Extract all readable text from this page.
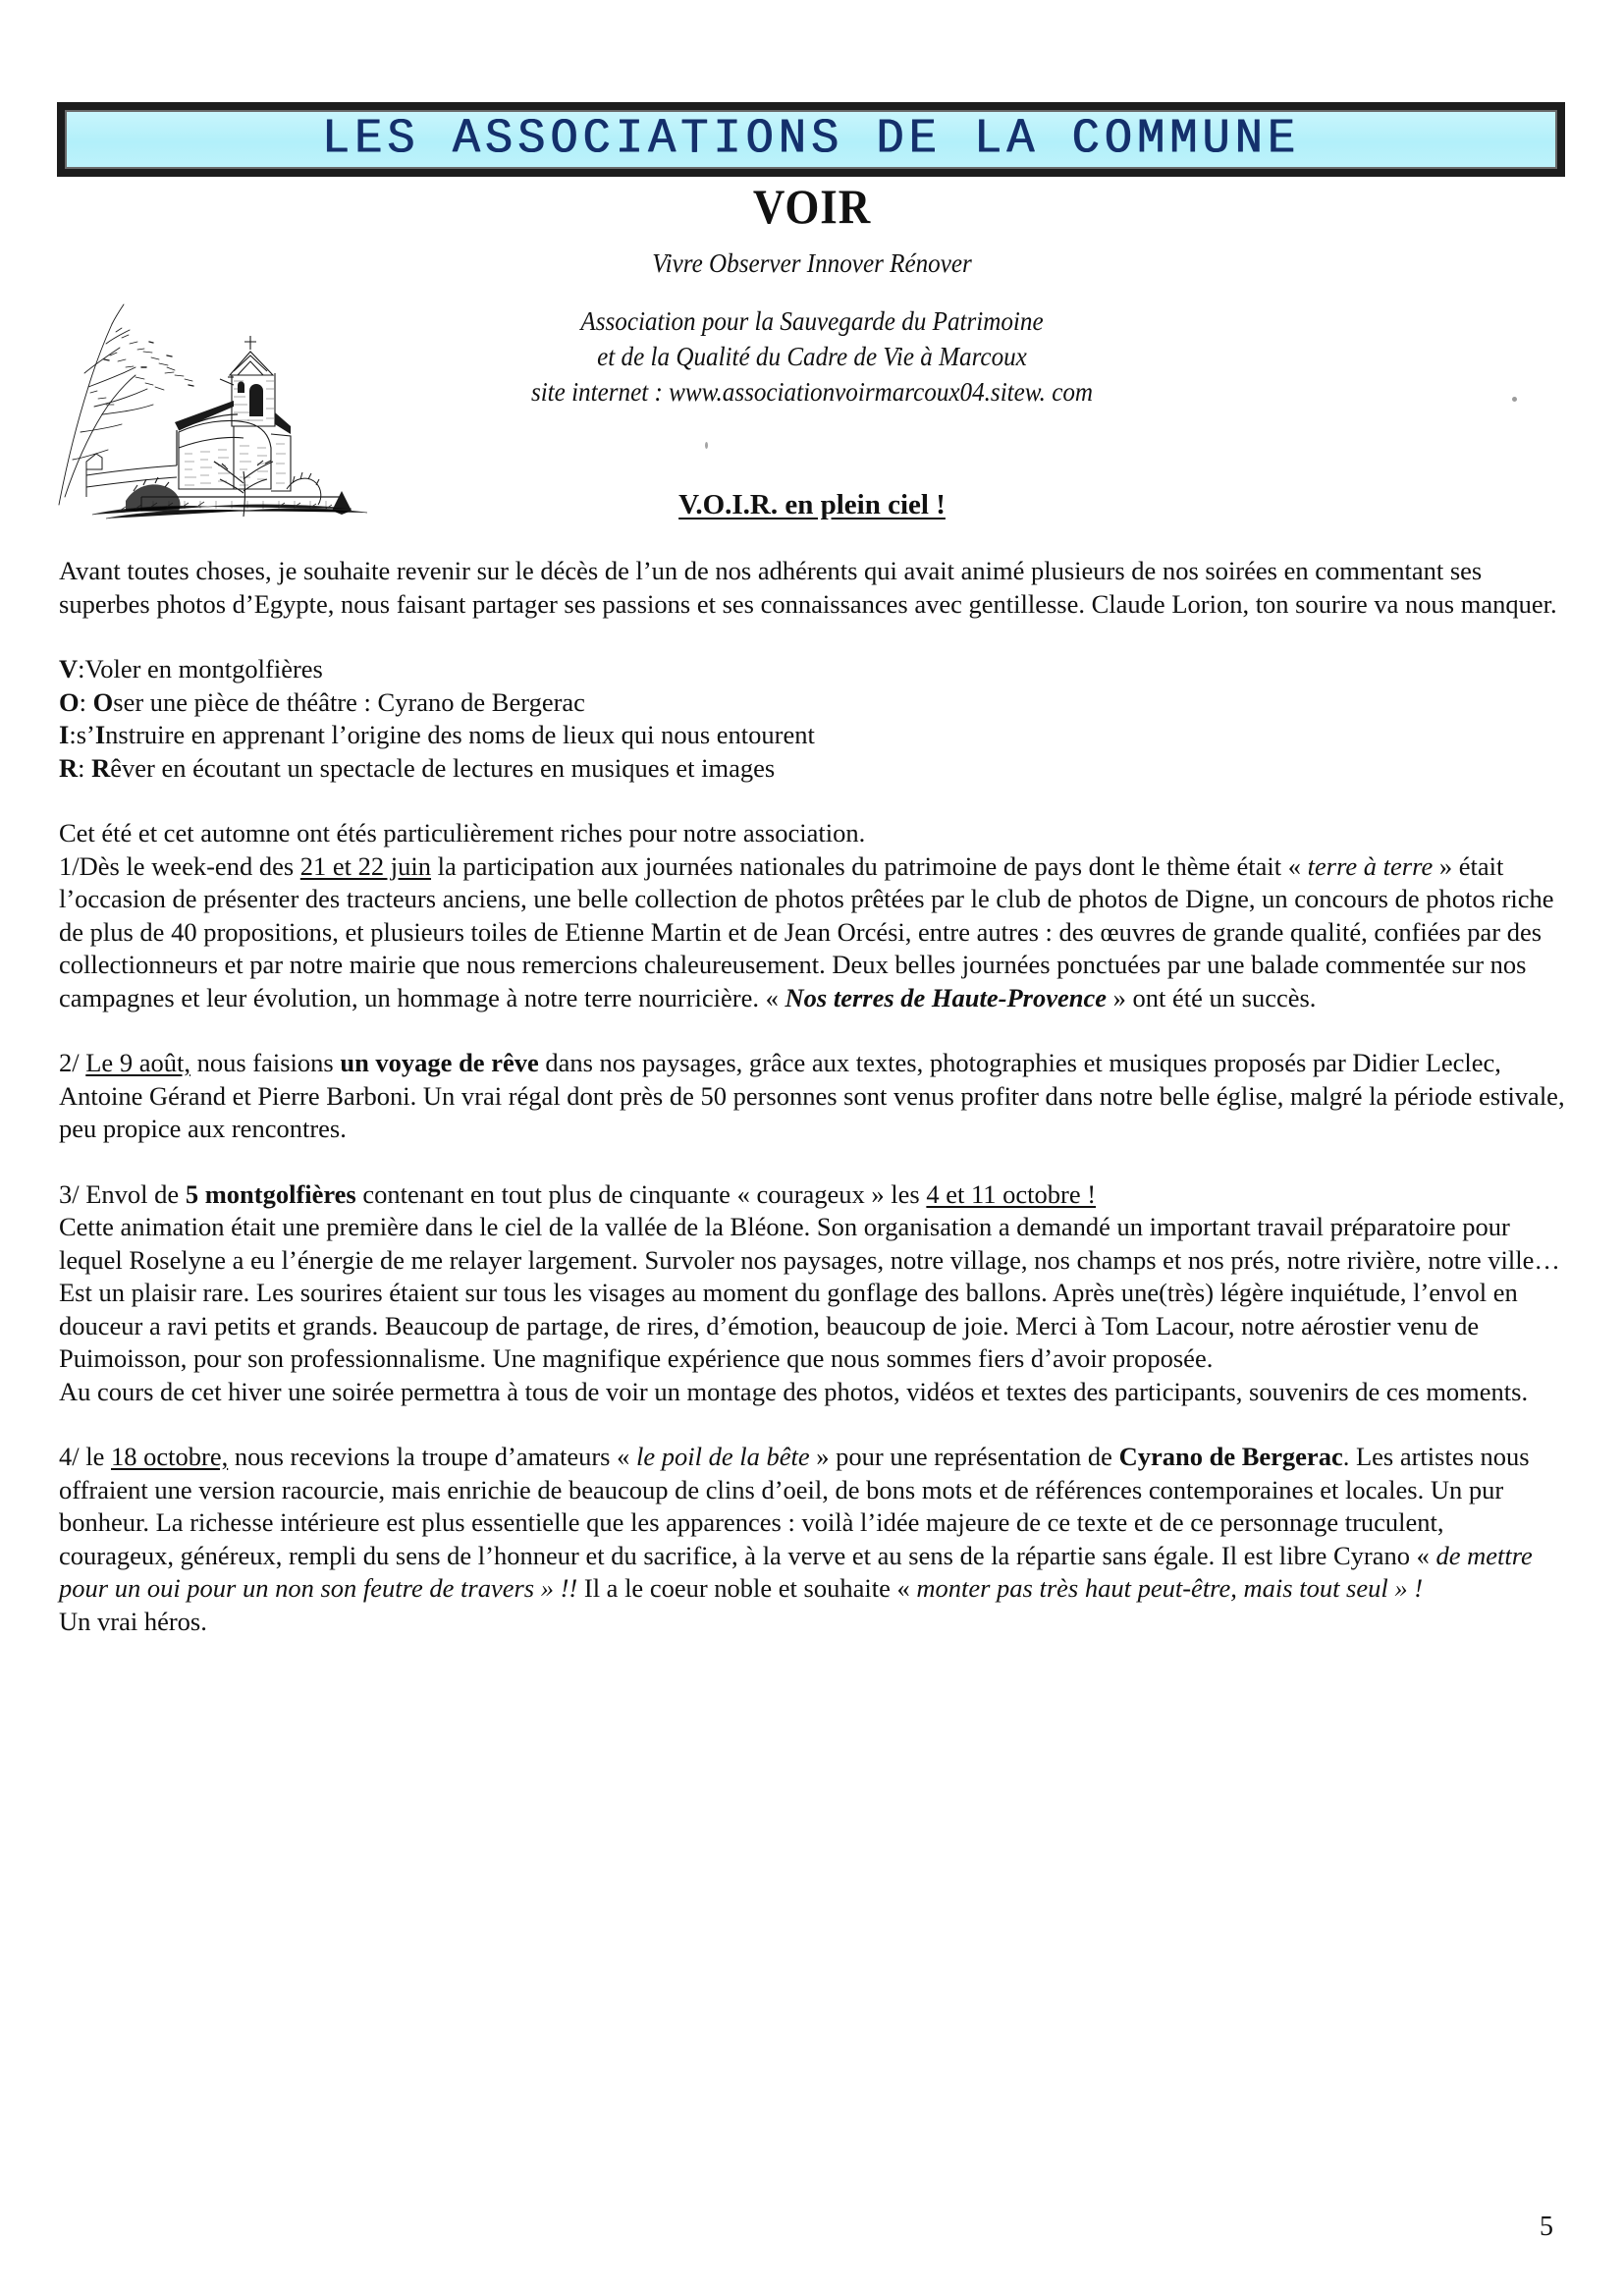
LES ASSOCIATIONS DE LA COMMUNE
VOIR
Vivre Observer Innover Rénover
Association pour la Sauvegarde du Patrimoine
et de la Qualité du Cadre de Vie à Marcoux
site internet : www.associationvoirmarcoux04.sitew. com
V.O.I.R. en plein ciel !

Avant toutes choses, je souhaite revenir sur le décès de l’un de nos adhérents qui avait animé plusieurs de nos soirées en commentant ses superbes photos d’Egypte, nous faisant partager ses passions et ses connaissances avec gentillesse. Claude Lorion, ton sourire va nous manquer.

V:Voler en montgolfières

O: Oser une pièce de théâtre : Cyrano de Bergerac

I:s’Instruire en apprenant l’origine des noms de lieux qui nous entourent

R: Rêver en écoutant un spectacle de lectures en musiques et images

Cet été et cet automne ont étés particulièrement riches pour notre association.

1/Dès le week-end des 21 et 22 juin la participation aux journées nationales du patrimoine de pays dont le thème était « terre à terre » était l’occasion de présenter des tracteurs anciens, une belle collection de photos prêtées par le club de photos de Digne, un concours de photos riche de plus de 40 propositions, et plusieurs toiles de Etienne Martin et de Jean Orcési, entre autres : des œuvres de grande qualité, confiées par des collectionneurs et par notre mairie que nous remercions chaleureusement. Deux belles journées ponctuées par une balade commentée sur nos campagnes et leur évolution, un hommage à notre terre nourricière. « Nos terres de Haute-Provence » ont été un succès.

2/ Le 9 août, nous faisions un voyage de rêve dans nos paysages, grâce aux textes, photographies et musiques proposés par Didier Leclec, Antoine Gérand et Pierre Barboni. Un vrai régal dont près de 50 personnes sont venus profiter dans notre belle église, malgré la période estivale, peu propice aux rencontres.

3/ Envol de 5 montgolfières contenant en tout plus de cinquante « courageux » les 4 et 11 octobre !

Cette animation était une première dans le ciel de la vallée de la Bléone. Son organisation a demandé un important travail préparatoire pour lequel Roselyne a eu l’énergie de me relayer largement. Survoler nos paysages, notre village, nos champs et nos prés, notre rivière, notre ville… Est un plaisir rare. Les sourires étaient sur tous les visages au moment du gonflage des ballons. Après une(très) légère inquiétude, l’envol en douceur a ravi petits et grands. Beaucoup de partage, de rires, d’émotion, beaucoup de joie. Merci à Tom Lacour, notre aérostier venu de Puimoisson, pour son professionnalisme. Une magnifique expérience que nous sommes fiers d’avoir proposée.

Au cours de cet hiver une soirée permettra à tous de voir un montage des photos, vidéos et textes des participants, souvenirs de ces moments.

4/ le 18 octobre, nous recevions la troupe d’amateurs « le poil de la bête » pour une représentation de Cyrano de Bergerac. Les artistes nous offraient une version racourcie, mais enrichie de beaucoup de clins d’oeil, de bons mots et de références contemporaines et locales. Un pur bonheur. La richesse intérieure est plus essentielle que les apparences : voilà l’idée majeure de ce texte et de ce personnage truculent, courageux, généreux, rempli du sens de l’honneur et du sacrifice, à la verve et au sens de la répartie sans égale. Il est libre Cyrano « de mettre pour un oui pour un non son feutre de travers » !! Il a le coeur noble et souhaite « monter pas très haut peut-être, mais tout seul » !

Un vrai héros.

5
